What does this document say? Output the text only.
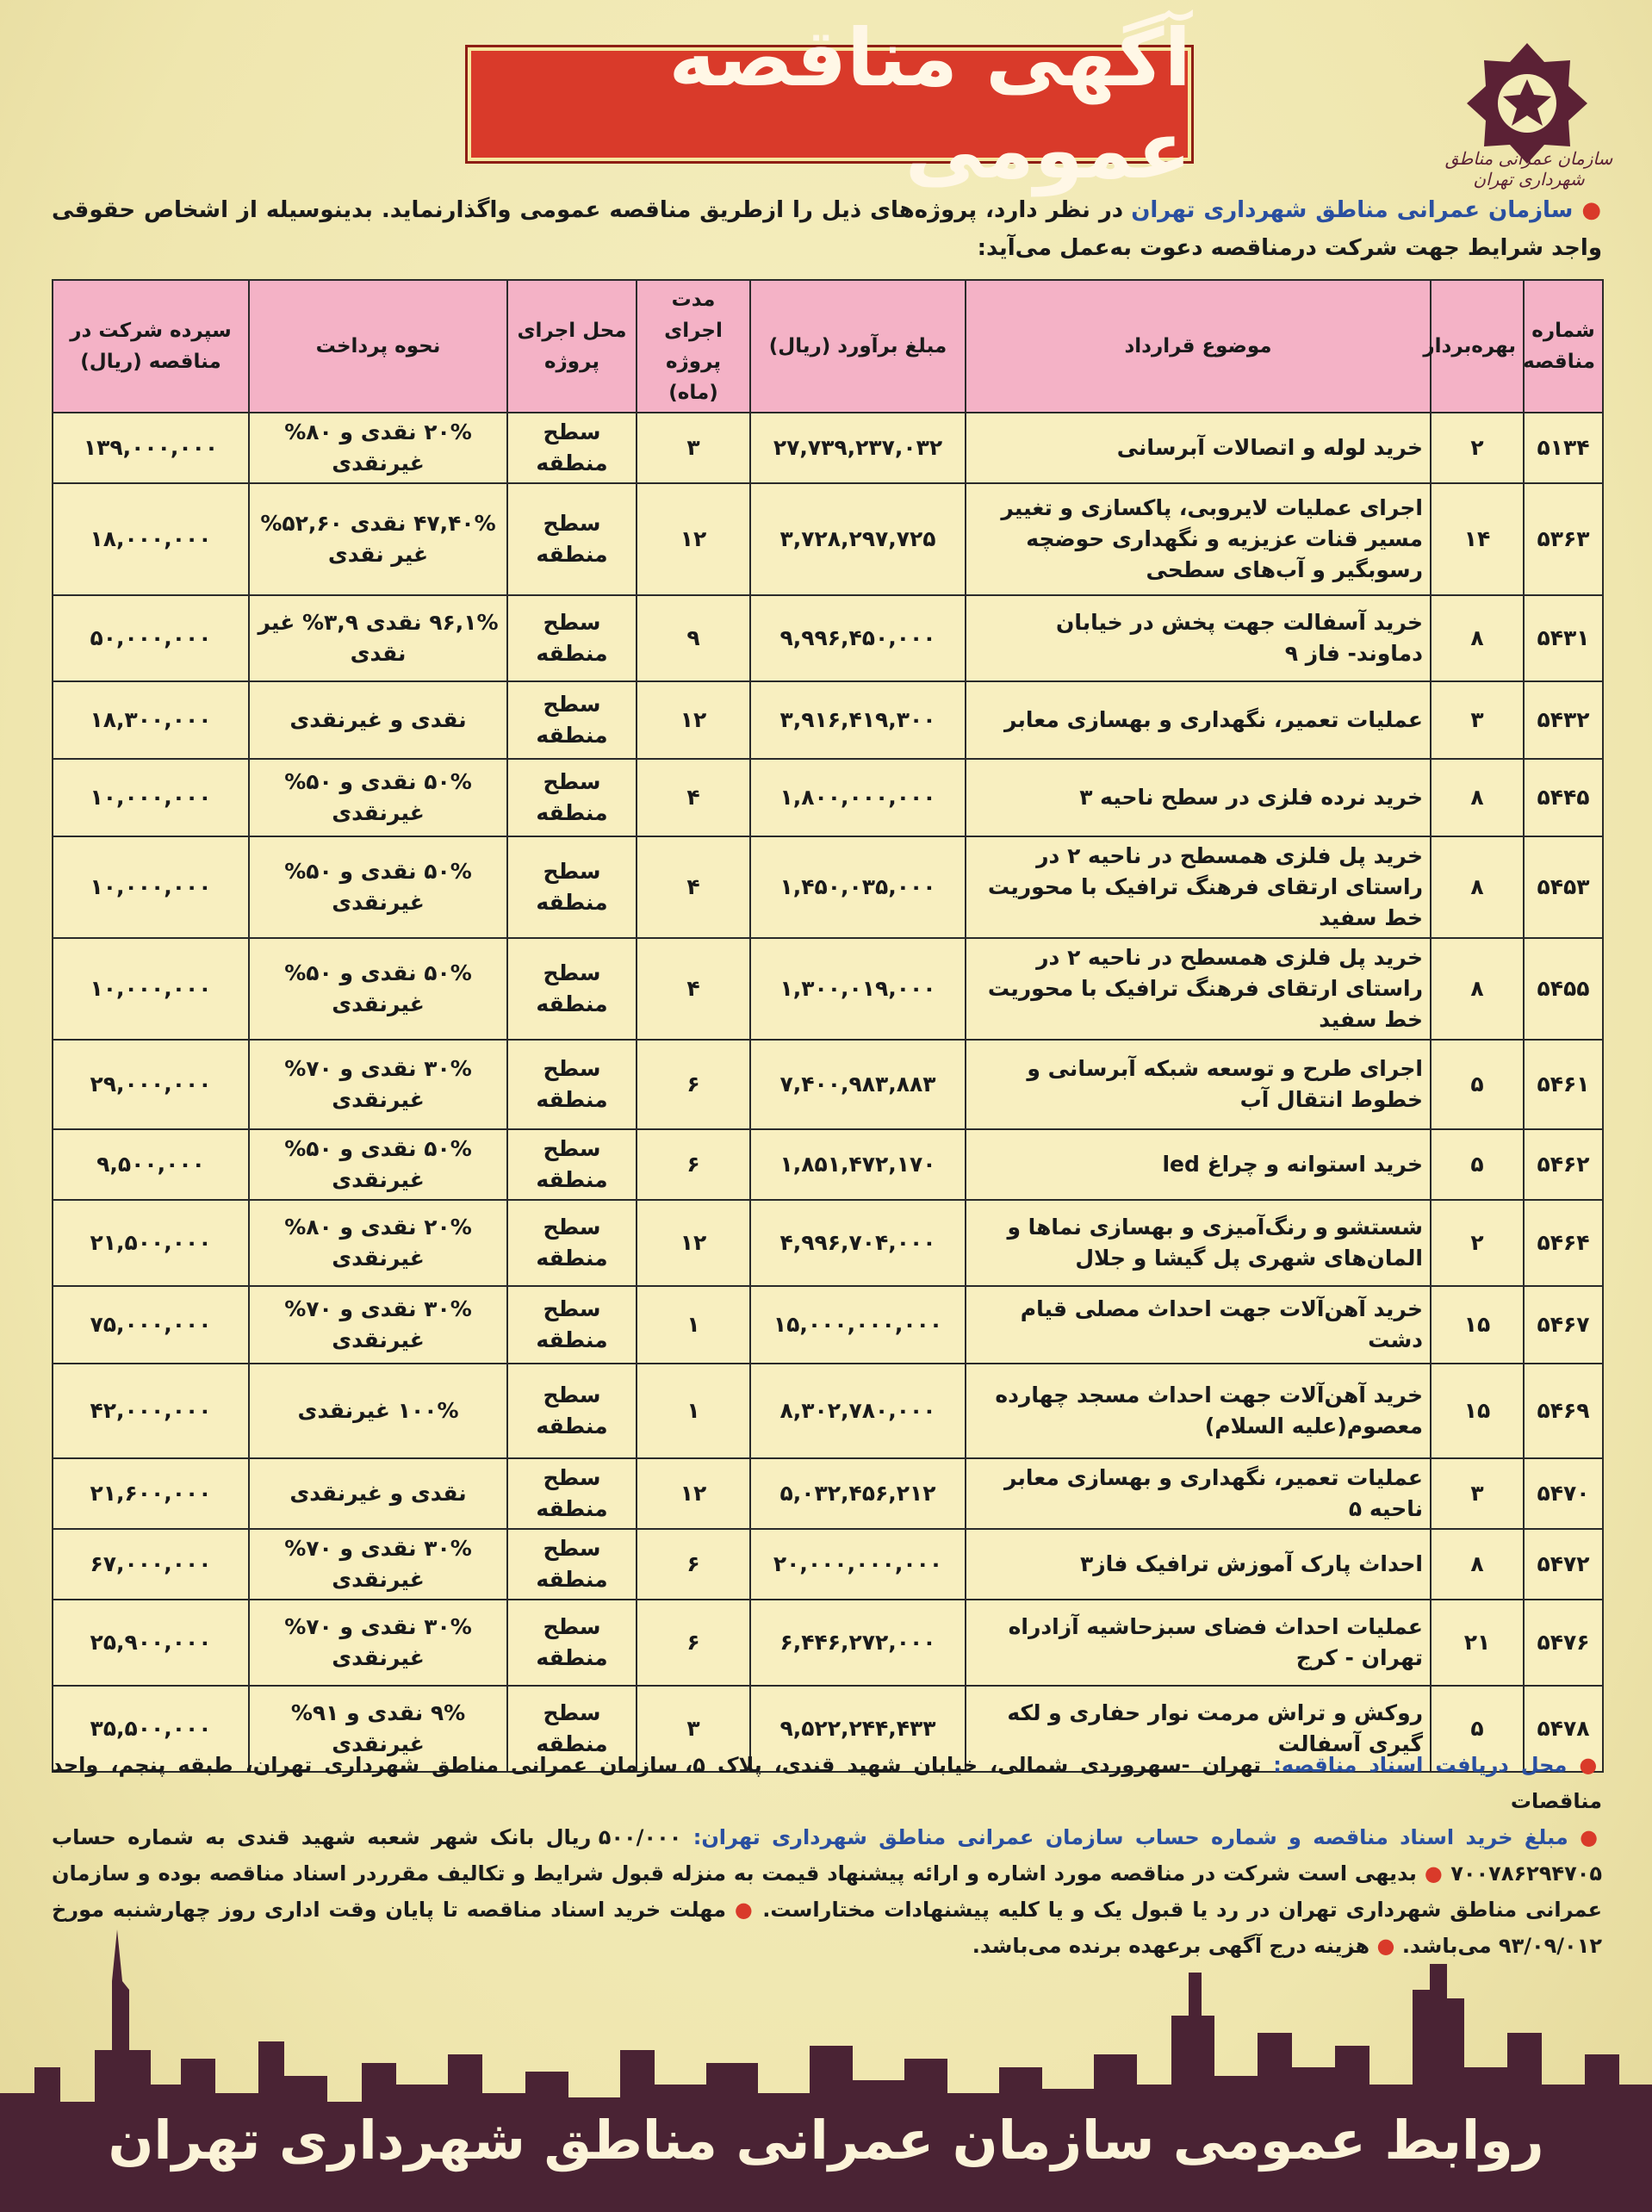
سازمان عمرانی مناطق شهرداری تهران
آگهی مناقصه عمومی
● سازمان عمرانی مناطق شهرداری تهران در نظر دارد، پروژه‌های ذیل را ازطریق مناقصه عمومی واگذارنماید. بدینوسیله از اشخاص حقوقی واجد شرایط جهت شرکت درمناقصه دعوت به‌عمل می‌آید:
شماره مناقصه	بهره‌بردار	موضوع قرارداد	مبلغ برآورد (ریال)	مدت اجرای پروژه (ماه)	محل اجرای پروژه	نحوه پرداخت	سپرده شرکت در مناقصه (ریال)
۵۱۳۴	۲	خرید لوله و اتصالات آبرسانی	۲۷,۷۳۹,۲۳۷,۰۳۲	۳	سطح منطقه	۲۰% نقدی و ۸۰% غیرنقدی	۱۳۹,۰۰۰,۰۰۰
۵۳۶۳	۱۴	اجرای عملیات لایروبی، پاکسازی و تغییر مسیر قنات عزیزیه و نگهداری حوضچه رسوبگیر و آب‌های سطحی	۳,۷۲۸,۲۹۷,۷۲۵	۱۲	سطح منطقه	۴۷,۴۰% نقدی ۵۲,۶۰% غیر نقدی	۱۸,۰۰۰,۰۰۰
۵۴۳۱	۸	خرید آسفالت جهت پخش در خیابان دماوند- فاز ۹	۹,۹۹۶,۴۵۰,۰۰۰	۹	سطح منطقه	۹۶,۱% نقدی ۳,۹% غیر نقدی	۵۰,۰۰۰,۰۰۰
۵۴۳۲	۳	عملیات تعمیر، نگهداری و بهسازی معابر	۳,۹۱۶,۴۱۹,۳۰۰	۱۲	سطح منطقه	نقدی و غیرنقدی	۱۸,۳۰۰,۰۰۰
۵۴۴۵	۸	خرید نرده فلزی در سطح ناحیه ۳	۱,۸۰۰,۰۰۰,۰۰۰	۴	سطح منطقه	۵۰% نقدی و ۵۰% غیرنقدی	۱۰,۰۰۰,۰۰۰
۵۴۵۳	۸	خرید پل فلزی همسطح در ناحیه ۲ در راستای ارتقای فرهنگ ترافیک با محوریت خط سفید	۱,۴۵۰,۰۳۵,۰۰۰	۴	سطح منطقه	۵۰% نقدی و ۵۰% غیرنقدی	۱۰,۰۰۰,۰۰۰
۵۴۵۵	۸	خرید پل فلزی همسطح در ناحیه ۲ در راستای ارتقای فرهنگ ترافیک با محوریت خط سفید	۱,۳۰۰,۰۱۹,۰۰۰	۴	سطح منطقه	۵۰% نقدی و ۵۰% غیرنقدی	۱۰,۰۰۰,۰۰۰
۵۴۶۱	۵	اجرای طرح و توسعه شبکه آبرسانی و خطوط انتقال آب	۷,۴۰۰,۹۸۳,۸۸۳	۶	سطح منطقه	۳۰% نقدی و ۷۰% غیرنقدی	۲۹,۰۰۰,۰۰۰
۵۴۶۲	۵	خرید استوانه و چراغ led	۱,۸۵۱,۴۷۲,۱۷۰	۶	سطح منطقه	۵۰% نقدی و ۵۰% غیرنقدی	۹,۵۰۰,۰۰۰
۵۴۶۴	۲	شستشو و رنگ‌آمیزی و بهسازی نماها و المان‌های شهری پل گیشا و جلال	۴,۹۹۶,۷۰۴,۰۰۰	۱۲	سطح منطقه	۲۰% نقدی و ۸۰% غیرنقدی	۲۱,۵۰۰,۰۰۰
۵۴۶۷	۱۵	خرید آهن‌آلات جهت احداث مصلی قیام دشت	۱۵,۰۰۰,۰۰۰,۰۰۰	۱	سطح منطقه	۳۰% نقدی و ۷۰% غیرنقدی	۷۵,۰۰۰,۰۰۰
۵۴۶۹	۱۵	خرید آهن‌آلات جهت احداث مسجد چهارده معصوم(علیه السلام)	۸,۳۰۲,۷۸۰,۰۰۰	۱	سطح منطقه	۱۰۰% غیرنقدی	۴۲,۰۰۰,۰۰۰
۵۴۷۰	۳	عملیات تعمیر، نگهداری و بهسازی معابر ناحیه ۵	۵,۰۳۲,۴۵۶,۲۱۲	۱۲	سطح منطقه	نقدی و غیرنقدی	۲۱,۶۰۰,۰۰۰
۵۴۷۲	۸	احداث پارک آموزش ترافیک فاز۳	۲۰,۰۰۰,۰۰۰,۰۰۰	۶	سطح منطقه	۳۰% نقدی و ۷۰% غیرنقدی	۶۷,۰۰۰,۰۰۰
۵۴۷۶	۲۱	عملیات احداث فضای سبزحاشیه آزادراه تهران - کرج	۶,۴۴۶,۲۷۲,۰۰۰	۶	سطح منطقه	۳۰% نقدی و ۷۰% غیرنقدی	۲۵,۹۰۰,۰۰۰
۵۴۷۸	۵	روکش و تراش مرمت نوار حفاری و لکه گیری آسفالت	۹,۵۲۲,۲۴۴,۴۳۳	۳	سطح منطقه	۹% نقدی و ۹۱% غیرنقدی	۳۵,۵۰۰,۰۰۰
● محل دریافت اسناد مناقصه: تهران -سهروردی شمالی، خیابان شهید قندی، پلاک ۵، سازمان عمرانی مناطق شهرداری تهران، طبقه پنجم، واحد مناقصات
● مبلغ خرید اسناد مناقصه و شماره حساب سازمان عمرانی مناطق شهرداری تهران: ۵۰۰/۰۰۰ ریال بانک شهر شعبه شهید قندی به شماره حساب ۷۰۰۷۸۶۲۹۴۷۰۵ ● بدیهی است شرکت در مناقصه مورد اشاره و ارائه پیشنهاد قیمت به منزله قبول شرایط و تکالیف مقرردر اسناد مناقصه بوده و سازمان عمرانی مناطق شهرداری تهران در رد یا قبول یک و یا کلیه پیشنهادات مختاراست. ● مهلت خرید اسناد مناقصه تا پایان وقت اداری روز چهارشنبه مورخ ۹۳/۰۹/۰۱۲ می‌باشد. ● هزینه درج آگهی برعهده برنده می‌باشد.
روابط عمومی سازمان عمرانی مناطق شهرداری تهران
